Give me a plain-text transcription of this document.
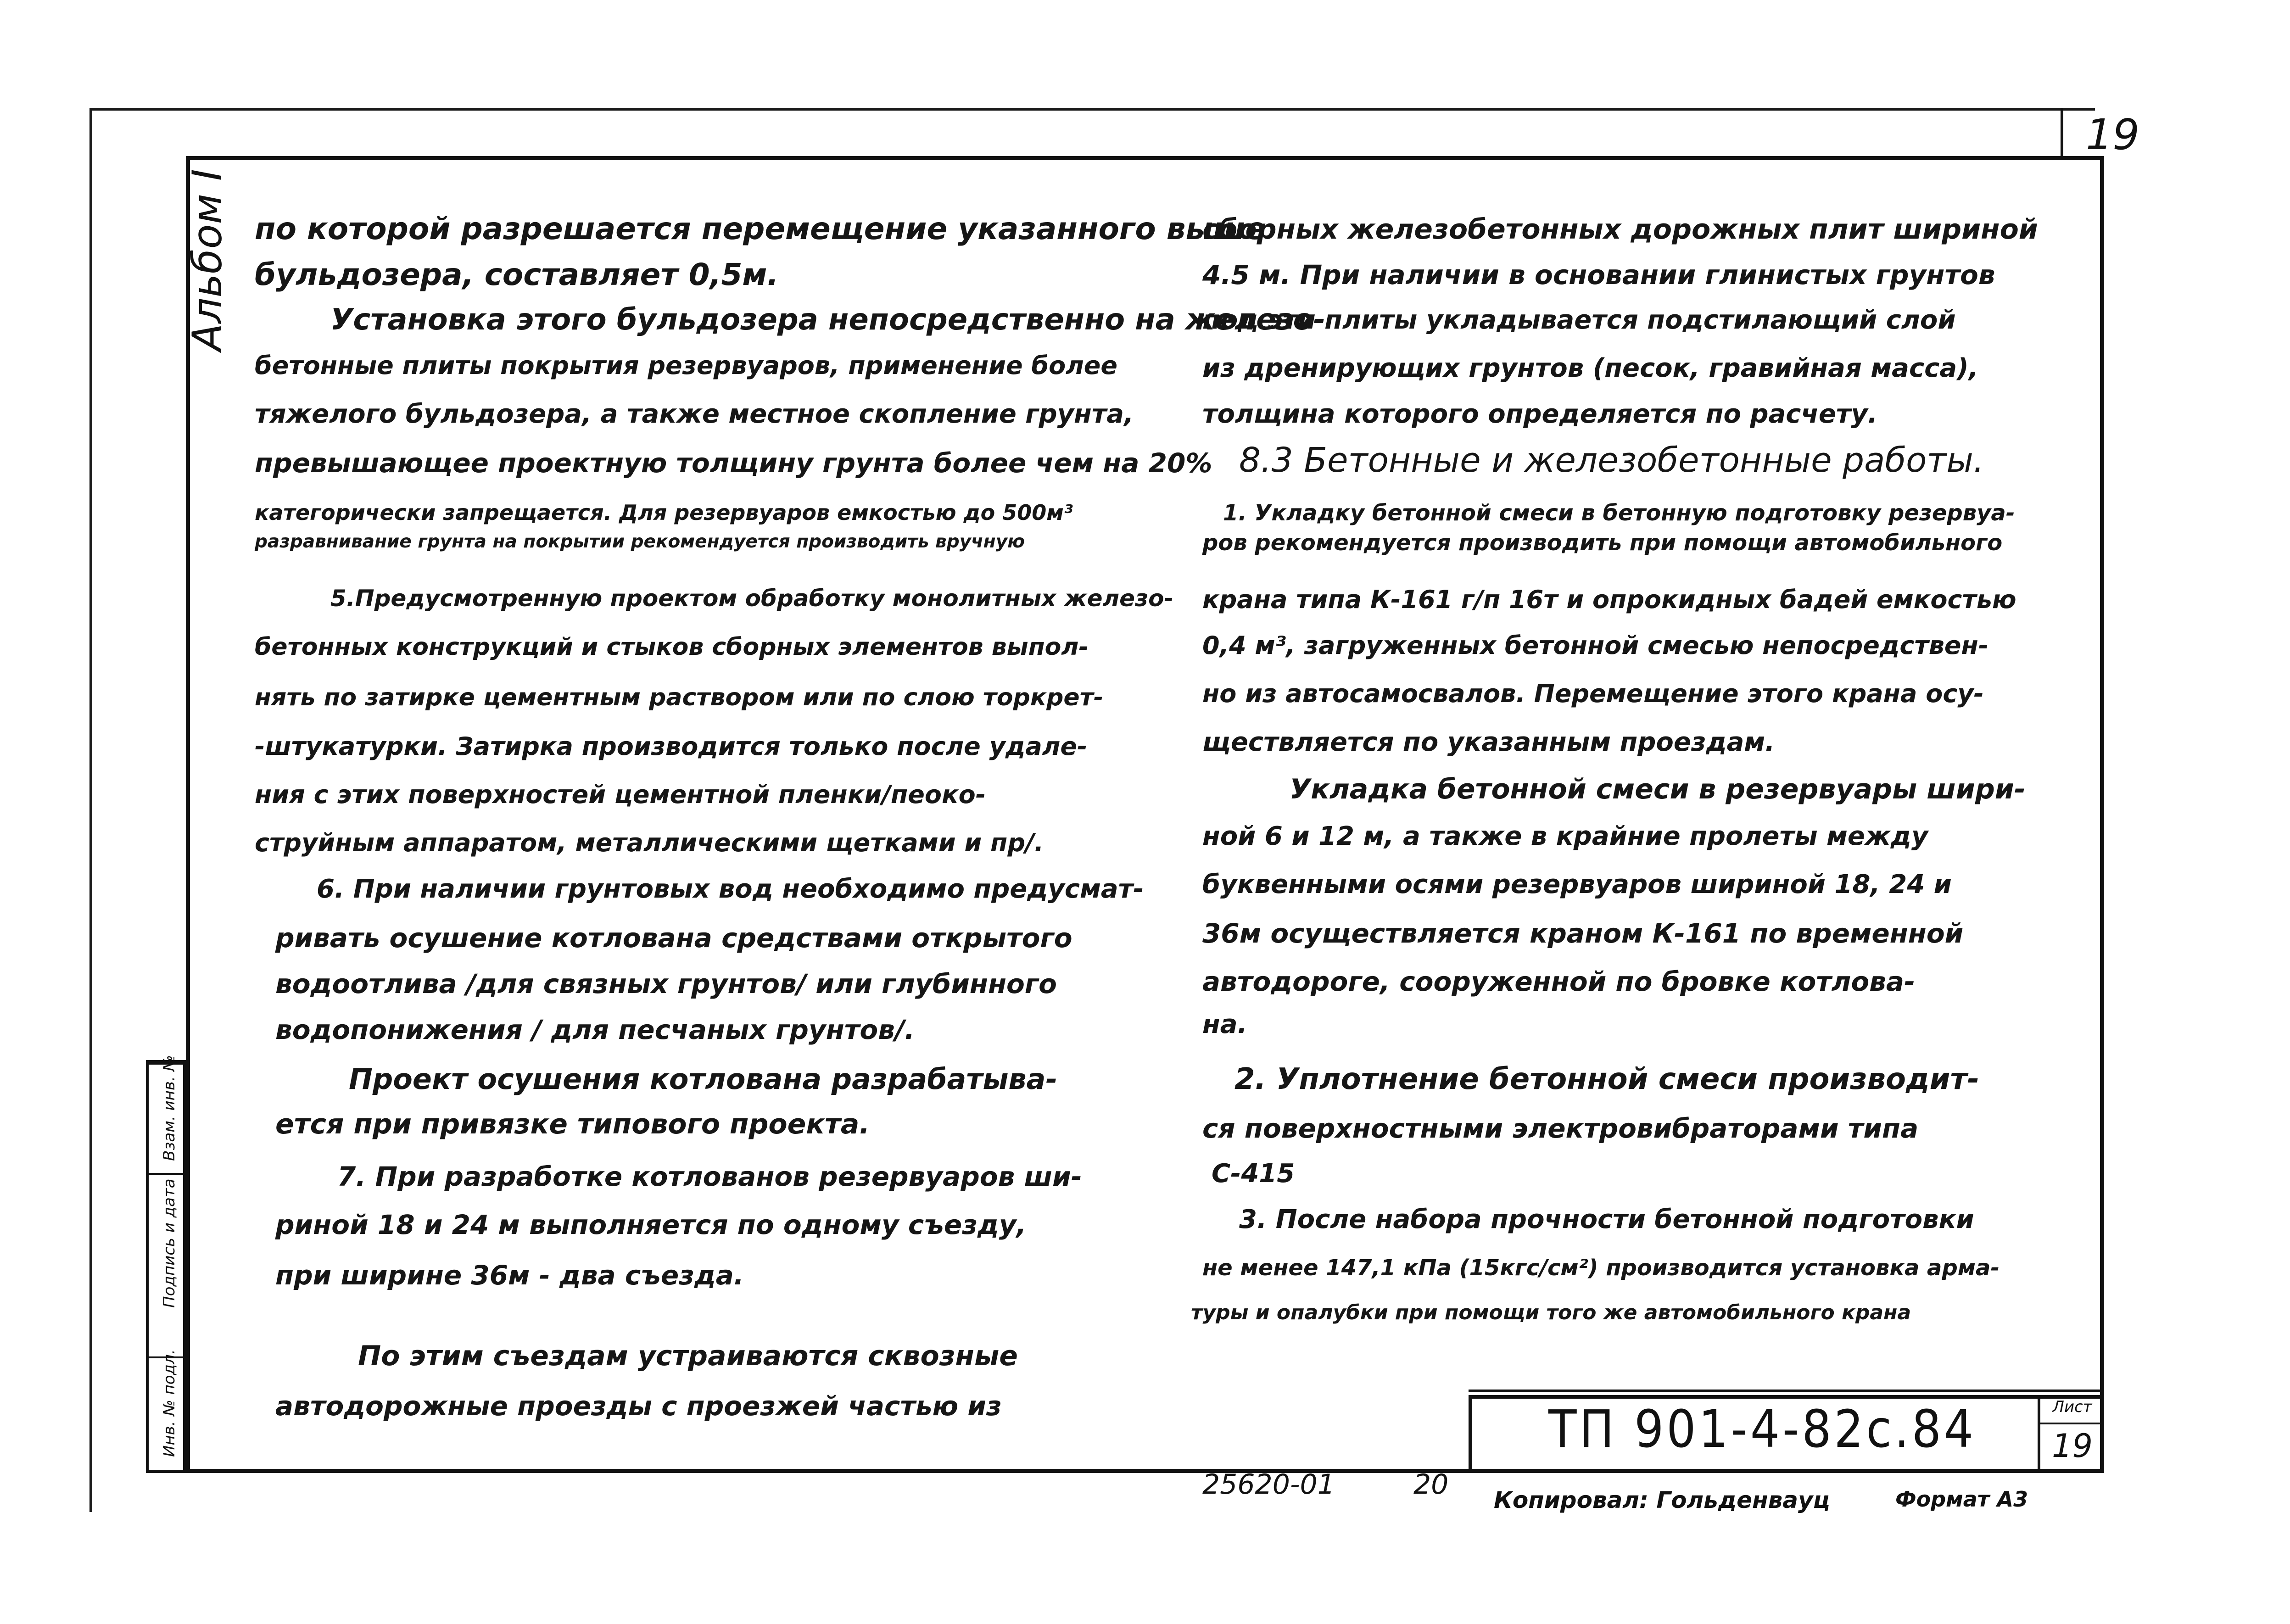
19
Альбом I
Взам. инв. №
Подпись и дата
Инв. № подл.
по которой разрешается перемещение указанного выше
бульдозера, составляет 0,5м.
Установка этого бульдозера непосредственно на железо-
бетонные плиты покрытия резервуаров, применение более
тяжелого бульдозера, а также местное скопление грунта,
превышающее проектную толщину грунта более чем на 20%
категорически запрещается. Для резервуаров емкостью до 500м³
разравнивание грунта на покрытии рекомендуется производить вручную
5.Предусмотренную проектом обработку монолитных железо-
бетонных конструкций и стыков сборных элементов выпол-
нять по затирке цементным раствором или по слою торкрет-
-штукатурки. Затирка производится только после удале-
ния с этих поверхностей цементной пленки/пеоко-
струйным аппаратом, металлическими щетками и пр/.
6. При наличии грунтовых вод необходимо предусмат-
ривать осушение котлована средствами открытого
водоотлива /для связных грунтов/ или глубинного
водопонижения / для песчаных грунтов/.
Проект осушения котлована разрабатыва-
ется при привязке типового проекта.
7. При разработке котлованов резервуаров ши-
риной 18 и 24 м выполняется по одному съезду,
при ширине 36м - два съезда.
По этим съездам устраиваются сквозные
автодорожные проезды с проезжей частью из
сборных железобетонных дорожных плит шириной
4.5 м. При наличии в основании глинистых грунтов
под эти плиты укладывается подстилающий слой
из дренирующих грунтов (песок, гравийная масса),
толщина которого определяется по расчету.
8.3 Бетонные и железобетонные работы.
1. Укладку бетонной смеси в бетонную подготовку резервуа-
ров рекомендуется производить при помощи автомобильного
крана типа К-161 г/п 16т и опрокидных бадей емкостью
0,4 м³, загруженных бетонной смесью непосредствен-
но из автосамосвалов. Перемещение этого крана осу-
ществляется по указанным проездам.
Укладка бетонной смеси в резервуары шири-
ной 6 и 12 м, а также в крайние пролеты между
буквенными осями резервуаров шириной 18, 24 и
36м осуществляется краном К-161 по временной
автодороге, сооруженной по бровке котлова-
на.
2. Уплотнение бетонной смеси производит-
ся поверхностными электровибраторами типа
С-415
3. После набора прочности бетонной подготовки
не менее 147,1 кПа (15кгс/см²) производится установка арма-
туры и опалубки при помощи того же автомобильного крана
ТП 901-4-82с.84	Лист
19
25620-01	20 Копировал: Гольденвауц	Формат А3
